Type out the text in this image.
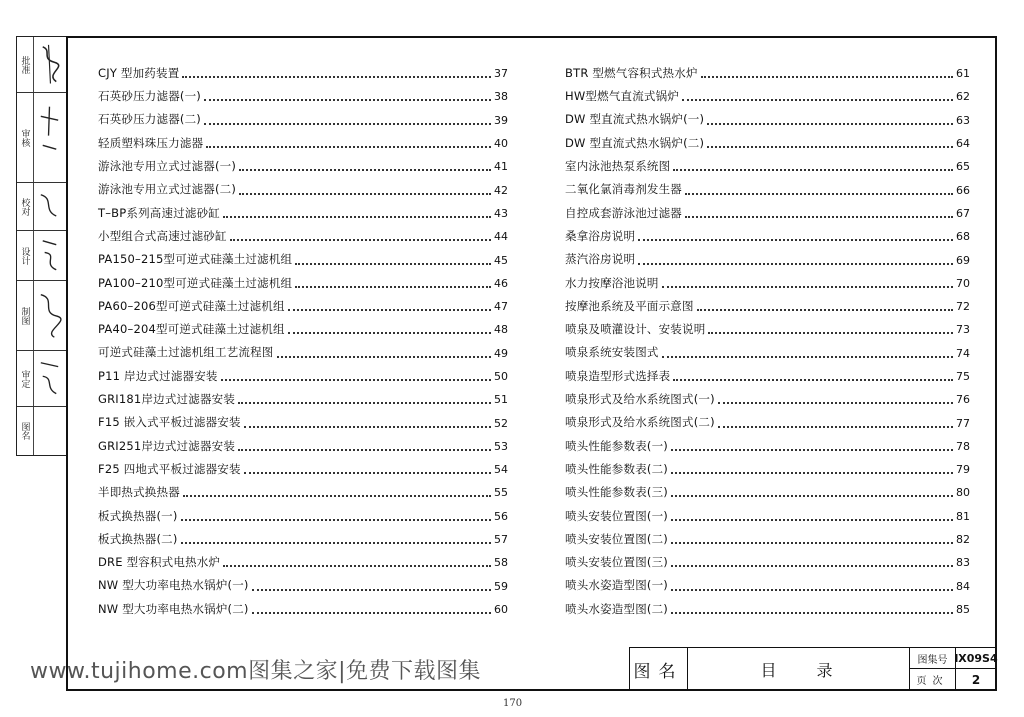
批准
审核
校对
设计
制图
审定
图名
CJY 型加药装置	37
石英砂压力滤器(一)	38
石英砂压力滤器(二)	39
轻质塑料珠压力滤器	40
游泳池专用立式过滤器(一)	41
游泳池专用立式过滤器(二)	42
T–BP系列高速过滤砂缸	43
小型组合式高速过滤砂缸	44
PA150–215型可逆式硅藻土过滤机组	45
PA100–210型可逆式硅藻土过滤机组	46
PA60–206型可逆式硅藻土过滤机组	47
PA40–204型可逆式硅藻土过滤机组	48
可逆式硅藻土过滤机组工艺流程图	49
P11 岸边式过滤器安装	50
GRI181岸边式过滤器安装	51
F15 嵌入式平板过滤器安装	52
GRI251岸边式过滤器安装	53
F25 四地式平板过滤器安装	54
半即热式换热器	55
板式换热器(一)	56
板式换热器(二)	57
DRE 型容积式电热水炉	58
NW 型大功率电热水锅炉(一)	59
NW 型大功率电热水锅炉(二)	60
BTR 型燃气容积式热水炉	61
HW型燃气直流式锅炉	62
DW 型直流式热水锅炉(一)	63
DW 型直流式热水锅炉(二)	64
室内泳池热泵系统图	65
二氧化氯消毒剂发生器	66
自控成套游泳池过滤器	67
桑拿浴房说明	68
蒸汽浴房说明	69
水力按摩浴池说明	70
按摩池系统及平面示意图	72
喷泉及喷灌设计、安装说明	73
喷泉系统安装图式	74
喷泉造型形式选择表	75
喷泉形式及给水系统图式(一)	76
喷泉形式及给水系统图式(二)	77
喷头性能参数表(一)	78
喷头性能参数表(二)	79
喷头性能参数表(三)	80
喷头安装位置图(一)	81
喷头安装位置图(二)	82
喷头安装位置图(三)	83
喷头水姿造型图(一)	84
喷头水姿造型图(二)	85
图名	目录
图集号 Ⅸ09S4
页次	2
www.tujihome.com图集之家|免费下载图集
170
